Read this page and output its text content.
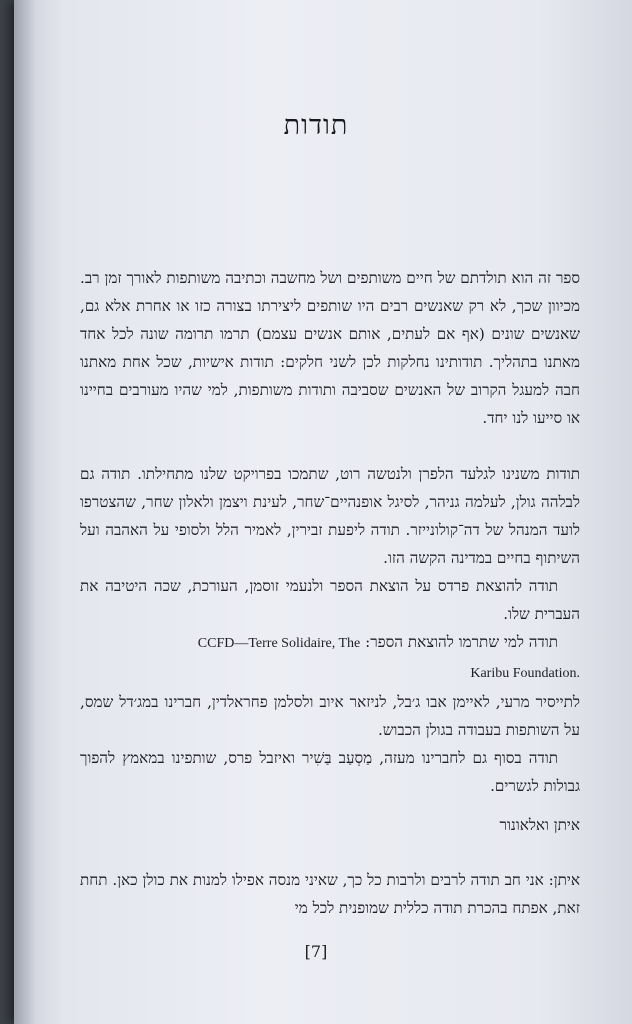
תודות

ספר זה הוא תולדתם של חיים משותפים ושל מחשבה וכתיבה משותפות לאורך זמן רב. מכיוון שכך, לא רק שאנשים רבים היו שותפים ליצירתו בצורה כזו או אחרת אלא גם, שאנשים שונים (אף אם לעתים, אותם אנשים עצמם) תרמו תרומה שונה לכל אחד מאתנו בתהליך. תודותינו נחלקות לכן לשני חלקים: תודות אישיות, שכל אחת מאתנו חבה למעגל הקרוב של האנשים שסביבה ותודות משותפות, למי שהיו מעורבים בחיינו או סייעו לנו יחד.

תודות משנינו לגלעד הלפרן ולנטשה רוט, שתמכו בפרויקט שלנו מתחילתו. תודה גם לבלהה גולן, לעלמה גניהר, לסיגל אופנהיים־שחר, לעינת ויצמן ולאלון שחר, שהצטרפו לועד המנהל של דה־קולונייזר. תודה ליפעת זבירין, לאמיר הלל ולסופי על האהבה ועל השיתוף בחיים במדינה הקשה הזו.

תודה להוצאת פרדס על הוצאת הספר ולנעמי זוסמן, העורכת, שכה היטיבה את העברית שלו.

תודה למי שתרמו להוצאת הספר: CCFD—Terre Solidaire, The

Karibu Foundation.

לתייסיר מרעי, לאיימן אבו ג׳בל, לניזאר איוב ולסלמן פחראלדין, חברינו במג׳דל שמס, על השותפות בעבודה בגולן הכבוש.

תודה בסוף גם לחברינו מעזה, מַסְעַב בַּשִׁיר ואיזבל פרס, שותפינו במאמץ להפוך גבולות לגשרים.

איתן ואלאונור

איתן: אני חב תודה לרבים ולרבות כל כך, שאיני מנסה אפילו למנות את כולן כאן. תחת זאת, אפתח בהכרת תודה כללית שמופנית לכל מי

[7]
